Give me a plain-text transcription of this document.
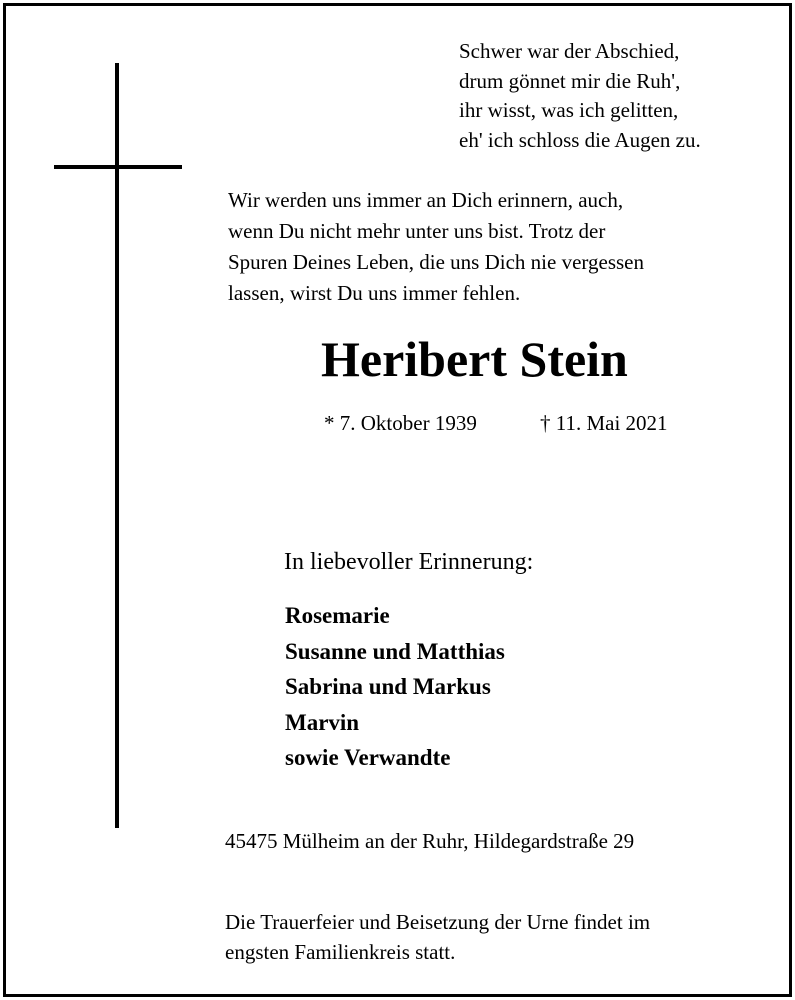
Schwer war der Abschied,
drum gönnet mir die Ruh',
ihr wisst, was ich gelitten,
eh' ich schloss die Augen zu.
Wir werden uns immer an Dich erinnern, auch,
wenn Du nicht mehr unter uns bist. Trotz der
Spuren Deines Leben, die uns Dich nie vergessen
lassen, wirst Du uns immer fehlen.
Heribert Stein
* 7. Oktober 1939	† 11. Mai 2021
In liebevoller Erinnerung:
Rosemarie
Susanne und Matthias
Sabrina und Markus
Marvin
sowie Verwandte
45475 Mülheim an der Ruhr, Hildegardstraße 29
Die Trauerfeier und Beisetzung der Urne findet im
engsten Familienkreis statt.
